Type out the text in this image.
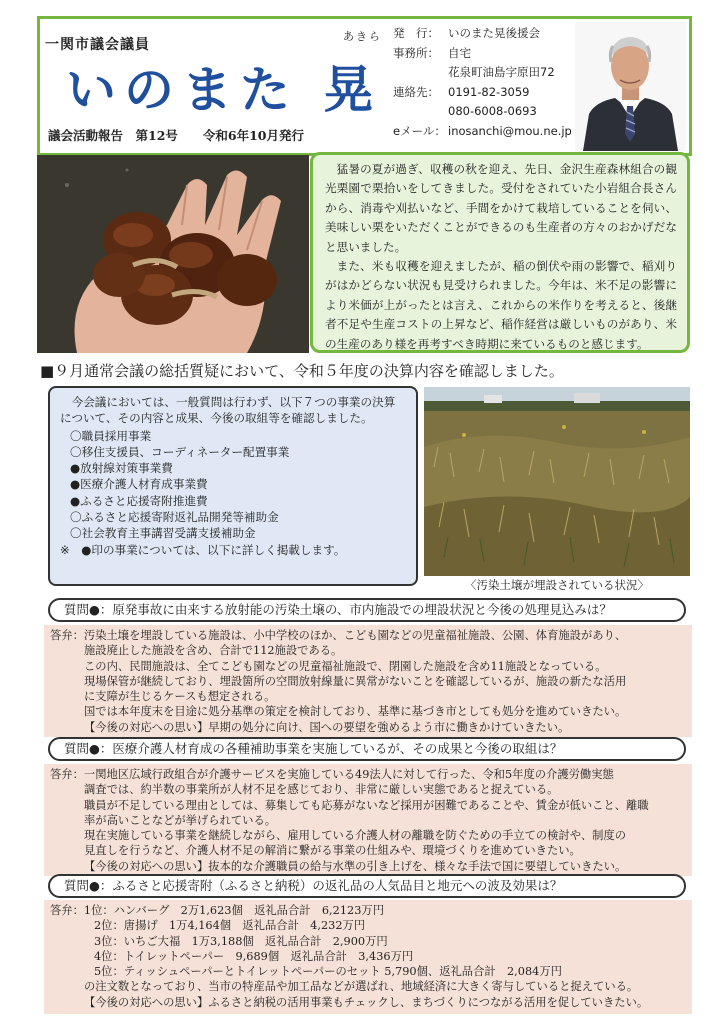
一関市議会議員
あきら
いのまた 晃
議会活動報告　第12号　　令和6年10月発行
発　行： いのまた晃後援会
事務所： 自宅
花泉町油島字原田72
連絡先： 0191-82-3059
080-6008-0693
eメール： inosanchi@mou.ne.jp

猛暑の夏が過ぎ、収穫の秋を迎え、先日、金沢生産森林組合の観光栗園で栗拾いをしてきました。受付をされていた小岩組合長さんから、消毒や刈払いなど、手間をかけて栽培していることを伺い、美味しい栗をいただくことができるのも生産者の方々のおかげだなと思いました。

また、米も収穫を迎えましたが、稲の倒伏や雨の影響で、稲刈りがはかどらない状況も見受けられました。今年は、米不足の影響により米価が上がったとは言え、これからの米作りを考えると、後継者不足や生産コストの上昇など、稲作経営は厳しいものがあり、米の生産のあり様を再考すべき時期に来ているものと感じます。

■９月通常会議の総括質疑において、令和５年度の決算内容を確認しました。

今会議においては、一般質問は行わず、以下７つの事業の決算について、その内容と成果、今後の取組等を確認しました。

〇職員採用事業
〇移住支援員、コーディネーター配置事業
●放射線対策事業費
●医療介護人材育成事業費
●ふるさと応援寄附推進費
〇ふるさと応援寄附返礼品開発等補助金
〇社会教育主事講習受講支援補助金
※　●印の事業については、以下に詳しく掲載します。
〈汚染土壌が埋設されている状況〉
質問●：原発事故に由来する放射能の汚染土壌の、市内施設での埋設状況と今後の処理見込みは？
答弁：汚染土壌を埋設している施設は、小中学校のほか、こども園などの児童福祉施設、公園、体育施設があり、
施設廃止した施設を含め、合計で112施設である。
この内、民間施設は、全てこども園などの児童福祉施設で、閉園した施設を含め11施設となっている。
現場保管が継続しており、埋設箇所の空間放射線量に異常がないことを確認しているが、施設の新たな活用
に支障が生じるケースも想定される。
国では本年度末を目途に処分基準の策定を検討しており、基準に基づき市としても処分を進めていきたい。
【今後の対応への思い】早期の処分に向け、国への要望を強めるよう市に働きかけていきたい。
質問●：医療介護人材育成の各種補助事業を実施しているが、その成果と今後の取組は？
答弁：一関地区広域行政組合が介護サービスを実施している49法人に対して行った、令和5年度の介護労働実態
調査では、約半数の事業所が人材不足を感じており、非常に厳しい実態であると捉えている。
職員が不足している理由としては、募集しても応募がないなど採用が困難であることや、賃金が低いこと、離職
率が高いことなどが挙げられている。
現在実施している事業を継続しながら、雇用している介護人材の離職を防ぐための手立ての検討や、制度の
見直しを行うなど、介護人材不足の解消に繋がる事業の仕組みや、環境づくりを進めていきたい。
【今後の対応への思い】抜本的な介護職員の給与水準の引き上げを、様々な手法で国に要望していきたい。
質問●：ふるさと応援寄附（ふるさと納税）の返礼品の人気品目と地元への波及効果は？
答弁：1位：ハンバーグ　2万1,623個　返礼品合計　6,2123万円
2位：唐揚げ　1万4,164個　返礼品合計　4,232万円
3位：いちご大福　1万3,188個　返礼品合計　2,900万円
4位：トイレットペーパー　9,689個　返礼品合計　3,436万円
5位：ティッシュペーパーとトイレットペーパーのセット 5,790個、返礼品合計　2,084万円
の注文数となっており、当市の特産品や加工品などが選ばれ、地域経済に大きく寄与していると捉えている。
【今後の対応への思い】ふるさと納税の活用事業もチェックし、まちづくりにつながる活用を促していきたい。
